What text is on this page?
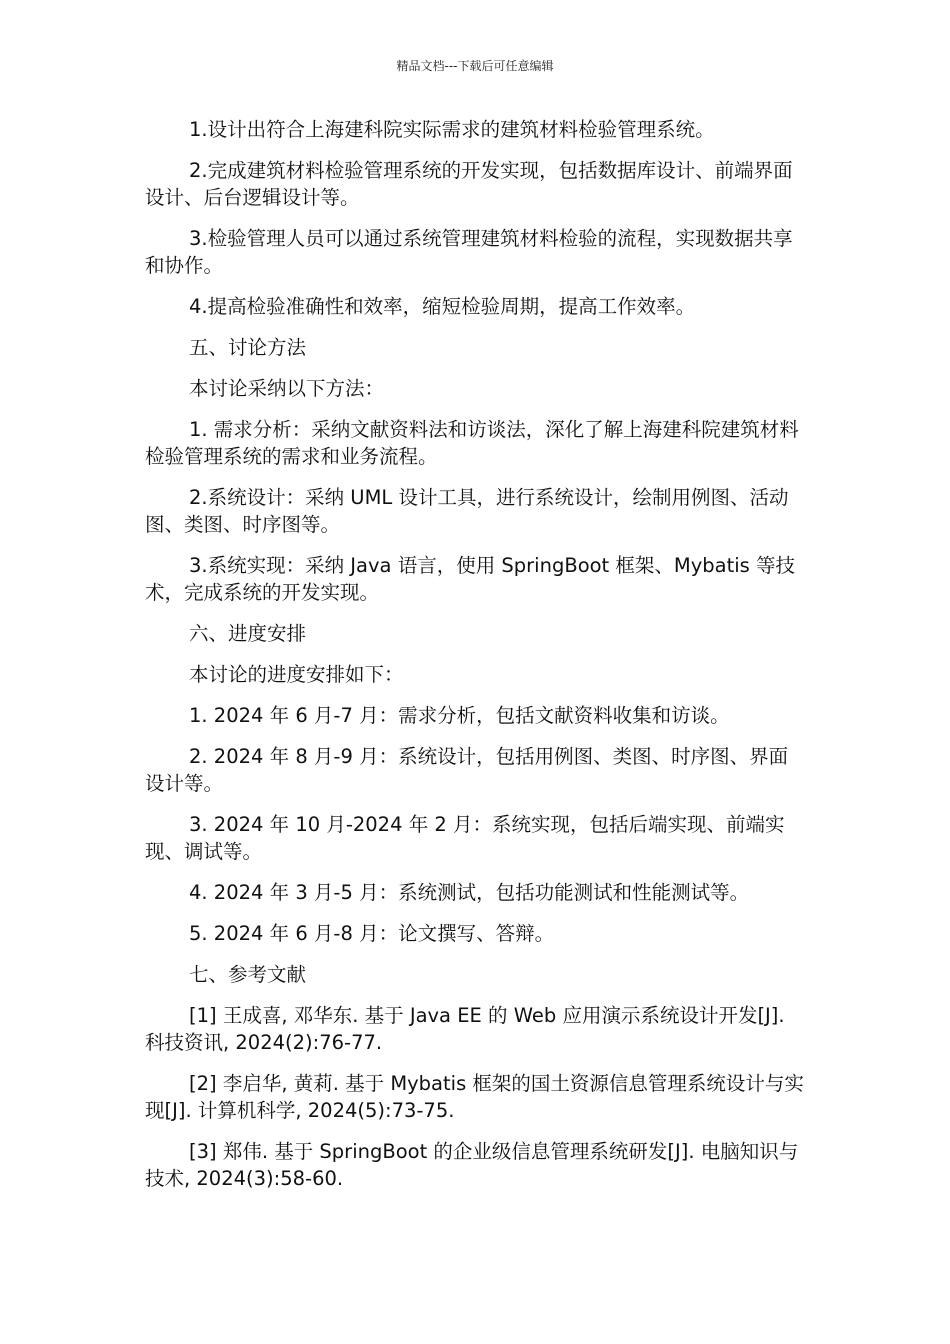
精品文档---下载后可任意编辑

1.设计出符合上海建科院实际需求的建筑材料检验管理系统。

2.完成建筑材料检验管理系统的开发实现，包括数据库设计、前端界面设计、后台逻辑设计等。

3.检验管理人员可以通过系统管理建筑材料检验的流程，实现数据共享和协作。

4.提高检验准确性和效率，缩短检验周期，提高工作效率。

五、讨论方法

本讨论采纳以下方法：

1. 需求分析：采纳文献资料法和访谈法，深化了解上海建科院建筑材料检验管理系统的需求和业务流程。

2.系统设计：采纳 UML 设计工具，进行系统设计，绘制用例图、活动图、类图、时序图等。

3.系统实现：采纳 Java 语言，使用 SpringBoot 框架、Mybatis 等技术，完成系统的开发实现。

六、进度安排

本讨论的进度安排如下：

1. 2024 年 6 月-7 月：需求分析，包括文献资料收集和访谈。

2. 2024 年 8 月-9 月：系统设计，包括用例图、类图、时序图、界面设计等。

3. 2024 年 10 月-2024 年 2 月：系统实现，包括后端实现、前端实现、调试等。

4. 2024 年 3 月-5 月：系统测试，包括功能测试和性能测试等。

5. 2024 年 6 月-8 月：论文撰写、答辩。

七、参考文献

[1] 王成喜, 邓华东. 基于 Java EE 的 Web 应用演示系统设计开发[J]. 科技资讯, 2024(2):76-77.

[2] 李启华, 黄莉. 基于 Mybatis 框架的国土资源信息管理系统设计与实现[J]. 计算机科学, 2024(5):73-75.

[3] 郑伟. 基于 SpringBoot 的企业级信息管理系统研发[J]. 电脑知识与技术, 2024(3):58-60.
